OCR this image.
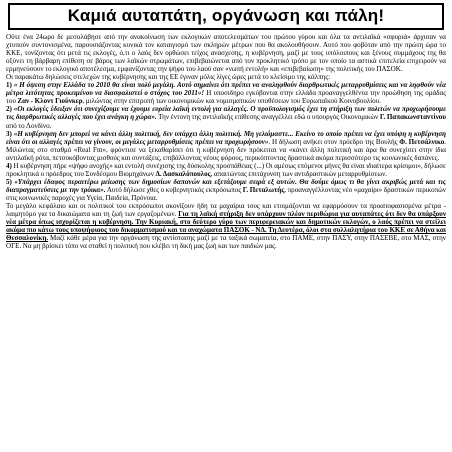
Καμιά αυταπάτη, οργάνωση και πάλη!

Ούτε ένα 24ωρο δε μεσολάβησε από την ανακοίνωση των εκλογικών αποτελεσμάτων του πρώτου γύρου και όλα τα αντιλαϊκά «σφυριά» άρχισαν να χτυπούν συντονισμένα, παρουσιάζοντας κυνικά τον καταιγισμό των σκληρών μέτρων που θα ακολουθήσουν. Αυτό που φοβόταν από την πρώτη ώρα το ΚΚΕ, τονίζοντας ότι μετά τις εκλογές, ό,τι ο λαός δεν ορθώσει τείχος ανασχεσης, η κυβέρνηση, μαζί με τους υπόλοιπους και ξένους συμμάχους της θα οξύνει τη βάρβαρη επίθεση σε βάρος των λαϊκών στρωμάτων, επιβεβαιώνεται από τον προκλητικό τρόπο με τον οποίο τα αστικά επιτελεία επιχειρούν να ερμηνεύσουν το εκλογικό αποτέλεσμα, εμφανίζοντας την ψήφο του λαού σαν «νωπή εντολή» και «επιβεβαίωση» της πολιτικής του ΠΑΣΟΚ.

Οι παρακάτω δηλώσεις στελεχών της κυβέρνησης και της ΕΕ έγιναν μόλις λίγες ώρες μετά το κλείσιμο της κάλπης:

1) « Η όψεση στην Ελλάδα το 2010 θα είναι πολύ μεγάλη. Αυτό σημαίνει ότι πρέπει να αναληφθούν διαρθρωτικές μεταρρυθμίσεις και να ληφθούν νέα μέτρα λιτότητας προκειμένου να διασφαλιστεί ο στόχος του 2011»! Η υποσιδηρο εγκύβονται στην ελλάδα προαναγγελθέντα την προώθηση της ομάδας του Ζαν - Κλοντ Γιούνκερ, μιλώντας στην επιτροπή των οικονομικών και νομισματικών υποθέσεων του Ευρωπαϊκού Κοινοβουλίου.

2) «Οι εκλογές έδειξαν ότι συνεχίζουμε να έχουμε ευρεία λαϊκή εντολή για αλλαγές. Ο προϋπολογισμός έχει τη στήριξη των πολιτών να προχωρήσουμε τις διαρθρωτικές αλλαγές που έχει ανάγκη η χώρα». Την έντονη της αντιλαϊκής επίθεσης αναγγέλλει εδώ ο υπουργός Οικονομικών Γ. Παπακωνσταντίνου από το Λονδίνο.

3) «Η κυβέρνηση δεν μπορεί να κάνει άλλη πολιτική, δεν υπάρχει άλλη πολιτική. Μη γελιόμαστε... Εκείνο το οποίο πρέπει να έχει υπόψη η κυβέρνηση είναι ότι οι αλλαγές πρέπει να γίνουν, οι μεγάλες μεταρρυθμίσεις πρέπει να προχωρήσουν». Η δήλωση ανήκει στον πρόεδρο της Βουλής Φ. Πετσάλνικο. Μιλώντας στο σταθμό «Real Fm», φρόντισε να ξεκαθαρίσει ότι η κυβέρνηση δεν πρόκειται να «κάνει άλλη πολιτική και άρα θα συνεχίσει στην ίδια αντιλαϊκή ρότα, πετσοκόβοντας μισθούς και συντάξεις, επιβάλλοντας νέους φόρους, περικόπτοντας δραστικά ακόμα περισσότερο τις κοινωνικές δαπάνες.

4) Η κυβέρνηση πήρε «ψήφο ανοχής» και εντολή συνέχισης της δύσκολης προσπάθειας (...) Οι αμέσως επόμενοι μήνες θα είναι ιδιαίτερα κρίσιμοι», δήλωσε προκλητικά ο πρόεδρος του Συνδέσμου Βιομηχάνων Δ. Δασκαλόπουλος, απαιτώντας επιτάχυνση των αντιδραστικών μεταρρυθμίσεων.

5) «Υπάρχει έδαφος περαιτέρω μείωσης των δημοσίων δαπανών και εξετάζουμε σειρά εξ αυτών. Θα δούμε όμως τι θα γίνει ακριβώς μετά και τις διαπραγματεύσεις με την τρόικα». Αυτό δήλωσε χθες ο κυβερνητικός εκπρόσωπος Γ. Πεταλωτής, προαναγγέλλοντας νέο «μαχαίρι» δραστικών περικοπών στις κοινωνικές παροχές για Υγεία, Παιδεία, Πρόνοια.

Το μεγάλο κεφάλαιο και οι πολιτικοί του εκπρόσωποι ακονίζουν ήδη τα μαχαίρια τους και ετοιμάζονται να εφαρμόσουν τα προαποφασισμένα μέτρα - λαιμητόμο για τα δικαιώματα και τη ζωή των εργαζομένων. Για τη λαϊκή στήριξη δεν υπάρχουν πλέον περιθώρια για αυταπάτες ότι δεν θα υπάρξουν νέα μέτρα όπως ισχυρίζεται η κυβέρνηση. Την Κυριακή, στο δεύτερο γύρο των περιφερειακών και δημοτικών εκλογών, ο λαός πρέπει να στείλει ακόμα πιο κάτω τους υποψήφιους του δικομματισμού και τα αναχώματα ΠΑΣΟΚ - ΝΔ. Τη Δευτέρα, όλοι στα συλλαλητήρια του ΚΚΕ σε Αθήνα και Θεσσαλονίκη. Μαζί κάθε μέρα για την οργάνωση της αντίστασης μαζί με τα ταξικά σωματεία, στο ΠΑΜΕ, στην ΠΑΣΥ, στην ΠΑΣΕΒΕ, στο ΜΑΣ, στην ΟΓΕ. Να μη βρίσκει τόπο να σταθεί η πολιτική που κλέβει τη δική μας ζωή και των παιδιών μας.
